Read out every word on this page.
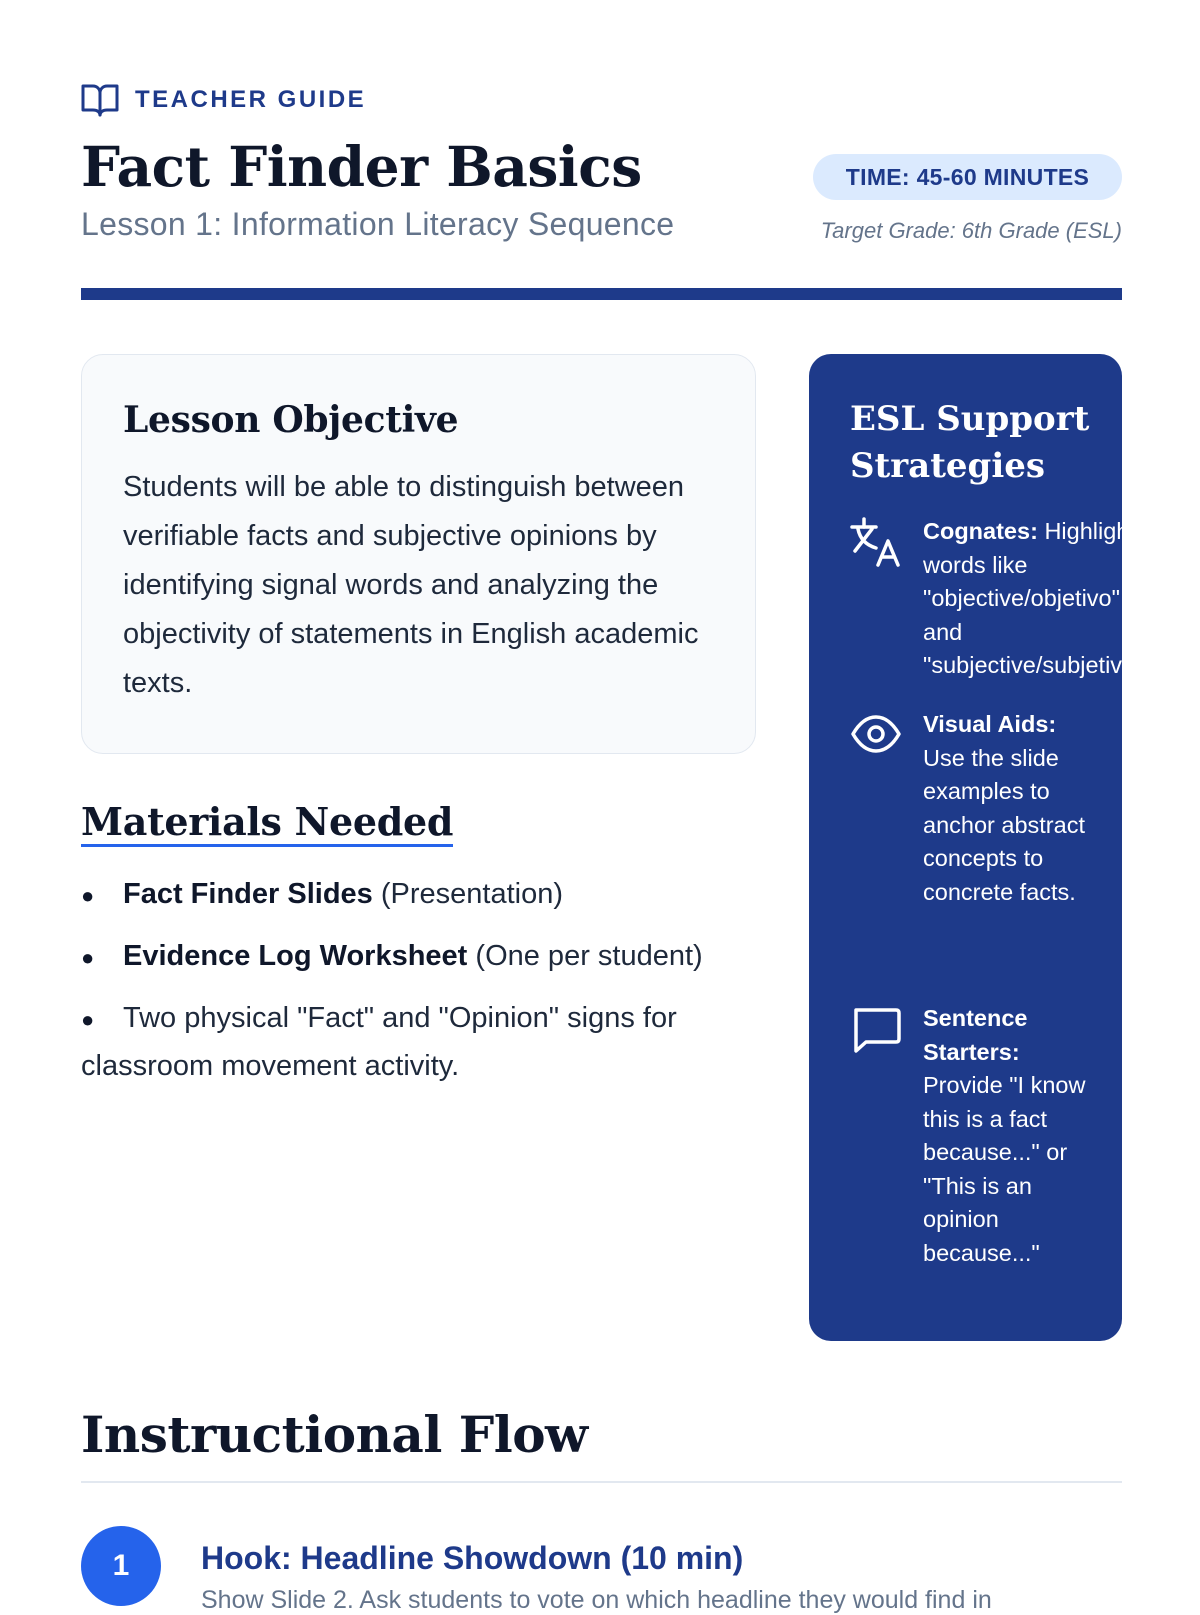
TEACHER GUIDE
Fact Finder Basics
Lesson 1: Information Literacy Sequence
TIME: 45-60 MINUTES
Target Grade: 6th Grade (ESL)
Lesson Objective

Students will be able to distinguish between verifiable facts and subjective opinions by identifying signal words and analyzing the objectivity of statements in English academic texts.

Materials Needed
● Fact Finder Slides (Presentation)
● Evidence Log Worksheet (One per student)
● Two physical "Fact" and "Opinion" signs for classroom movement activity.
ESL Support Strategies
Cognates: Highlight words like "objective/objetivo" and "subjective/subjetivo"
Visual Aids: Use the slide examples to anchor abstract concepts to concrete facts.
Sentence Starters: Provide "I know this is a fact because..." or "This is an opinion because..."
Instructional Flow
1	Hook: Headline Showdown (10 min)
Show Slide 2. Ask students to vote on which headline they would find in
